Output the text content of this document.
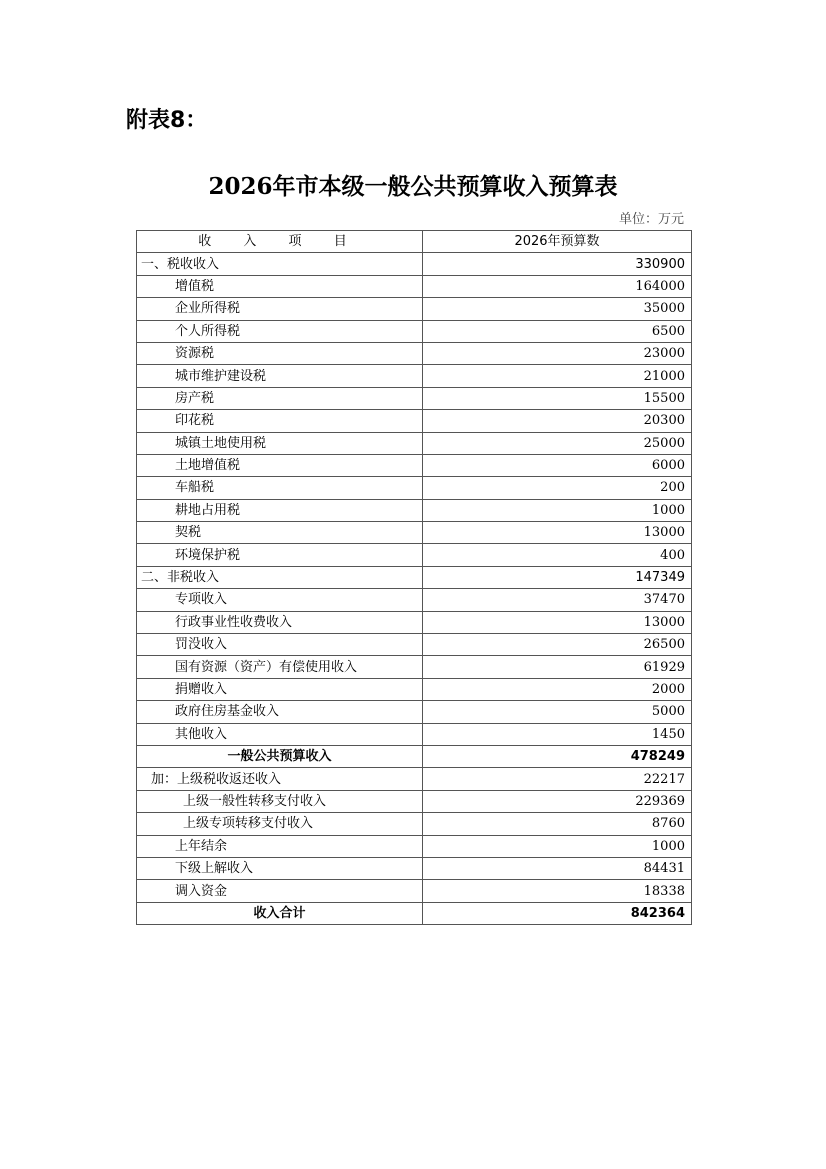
附表8：
2026年市本级一般公共预算收入预算表
单位：万元
收 入 项 目	2026年预算数
一、税收收入	330900
增值税	164000
企业所得税	35000
个人所得税	6500
资源税	23000
城市维护建设税	21000
房产税	15500
印花税	20300
城镇土地使用税	25000
土地增值税	6000
车船税	200
耕地占用税	1000
契税	13000
环境保护税	400
二、非税收入	147349
专项收入	37470
行政事业性收费收入	13000
罚没收入	26500
国有资源（资产）有偿使用收入	61929
捐赠收入	2000
政府住房基金收入	5000
其他收入	1450
一般公共预算收入	478249
加：上级税收返还收入	22217
上级一般性转移支付收入	229369
上级专项转移支付收入	8760
上年结余	1000
下级上解收入	84431
调入资金	18338
收入合计	842364
